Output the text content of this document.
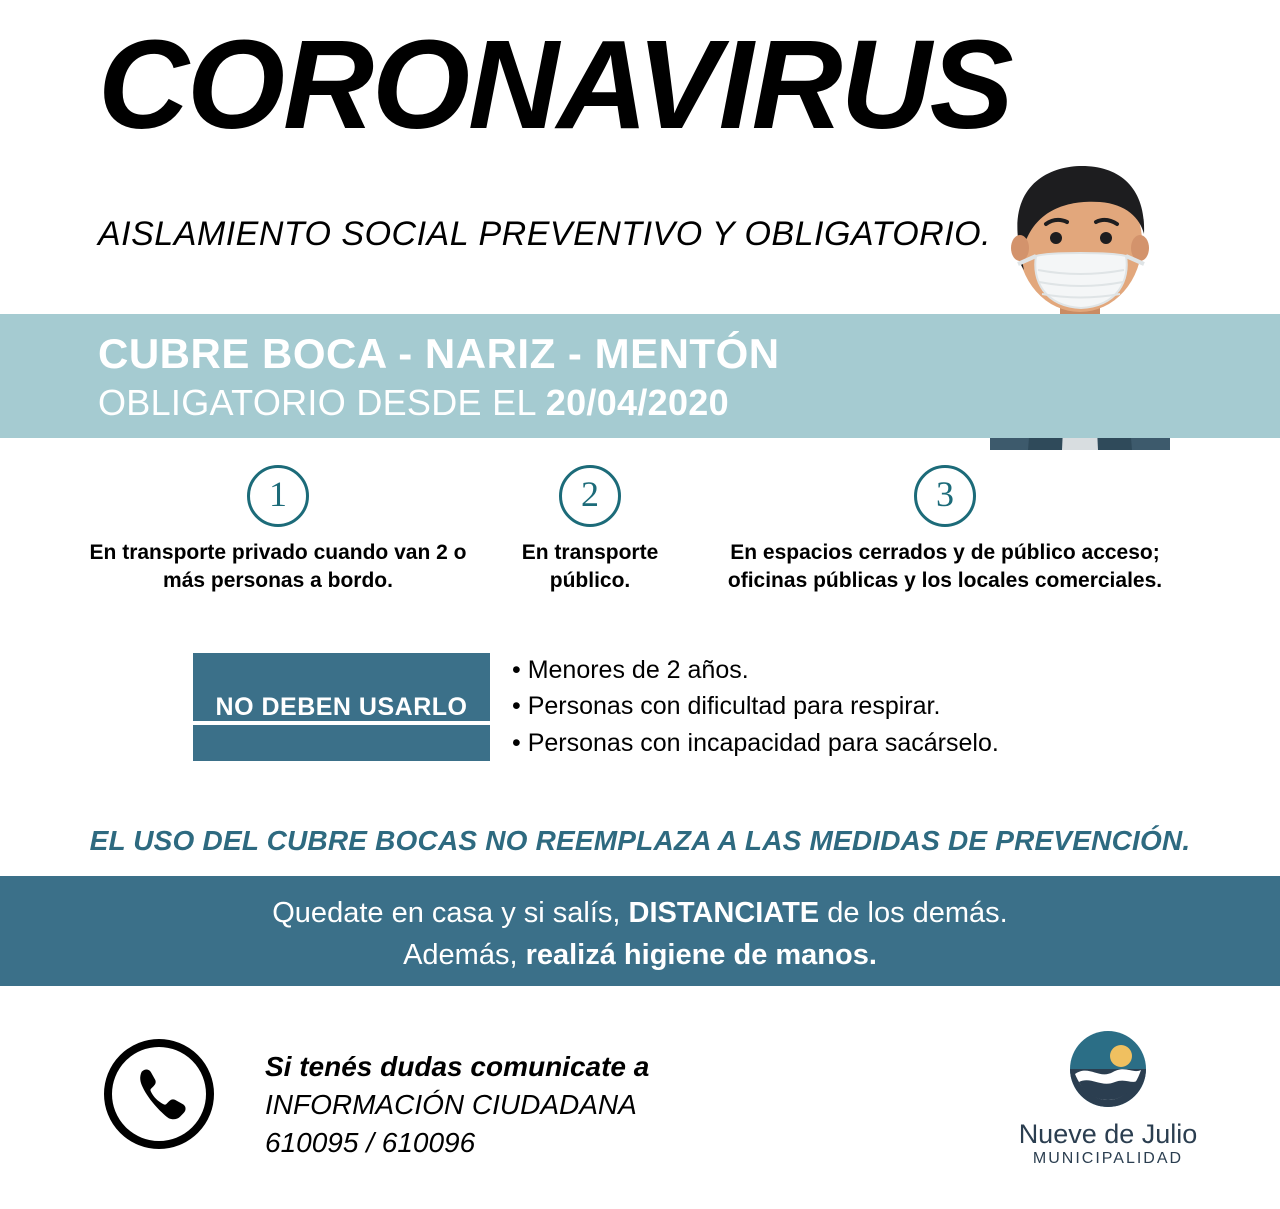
CORONAVIRUS
AISLAMIENTO SOCIAL PREVENTIVO Y OBLIGATORIO.
CUBRE BOCA - NARIZ - MENTÓN
OBLIGATORIO DESDE EL 20/04/2020
1
En transporte privado cuando van 2 o más personas a bordo.
2
En transporte público.
3
En espacios cerrados y de público acceso; oficinas públicas y los locales comerciales.
NO DEBEN USARLO
• Menores de 2 años.
• Personas con dificultad para respirar.
• Personas con incapacidad para sacárselo.
EL USO DEL CUBRE BOCAS NO REEMPLAZA A LAS MEDIDAS DE PREVENCIÓN.
Quedate en casa y si salís, DISTANCIATE de los demás.
Además, realizá higiene de manos.
Si tenés dudas comunicate a
INFORMACIÓN CIUDADANA
610095 / 610096	Nueve de Julio
MUNICIPALIDAD
